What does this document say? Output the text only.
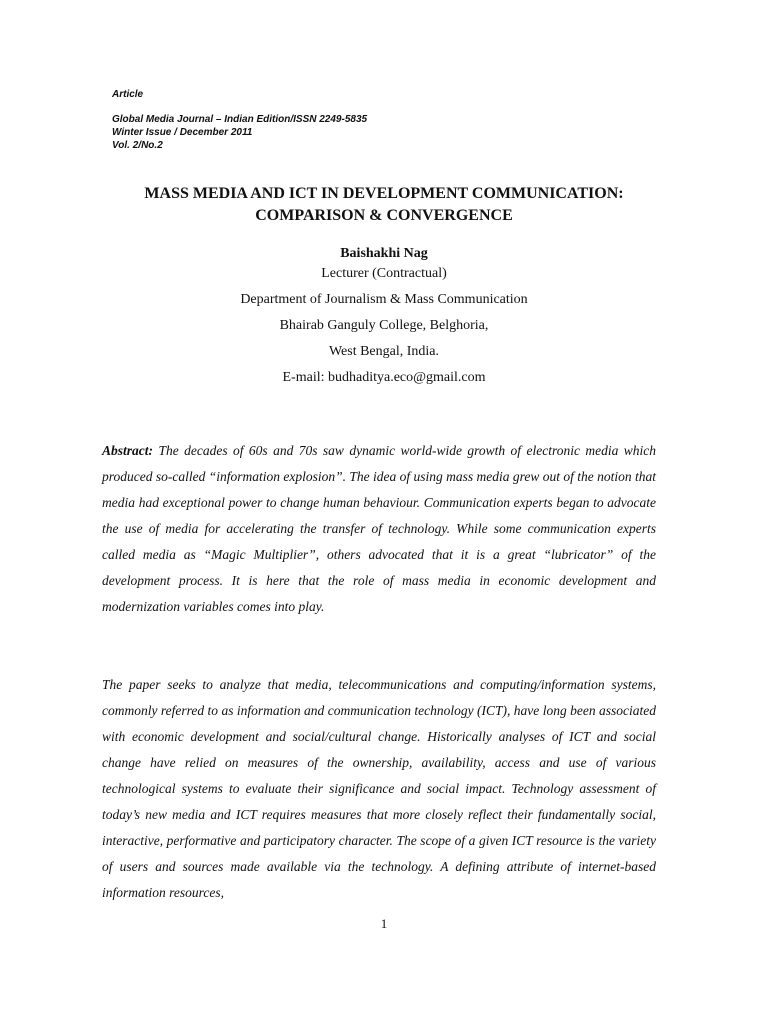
Article
Global Media Journal – Indian Edition/ISSN 2249-5835
Winter Issue / December 2011
Vol. 2/No.2
MASS MEDIA AND ICT IN DEVELOPMENT COMMUNICATION:
COMPARISON & CONVERGENCE
Baishakhi Nag
Lecturer (Contractual)
Department of Journalism & Mass Communication
Bhairab Ganguly College, Belghoria,
West Bengal, India.
E-mail: budhaditya.eco@gmail.com
Abstract: The decades of 60s and 70s saw dynamic world-wide growth of electronic media which produced so-called “information explosion”. The idea of using mass media grew out of the notion that media had exceptional power to change human behaviour. Communication experts began to advocate the use of media for accelerating the transfer of technology. While some communication experts called media as “Magic Multiplier”, others advocated that it is a great “lubricator” of the development process. It is here that the role of mass media in economic development and modernization variables comes into play.
The paper seeks to analyze that media, telecommunications and computing/information systems, commonly referred to as information and communication technology (ICT), have long been associated with economic development and social/cultural change. Historically analyses of ICT and social change have relied on measures of the ownership, availability, access and use of various technological systems to evaluate their significance and social impact. Technology assessment of today’s new media and ICT requires measures that more closely reflect their fundamentally social, interactive, performative and participatory character. The scope of a given ICT resource is the variety of users and sources made available via the technology. A defining attribute of internet-based information resources,
1
